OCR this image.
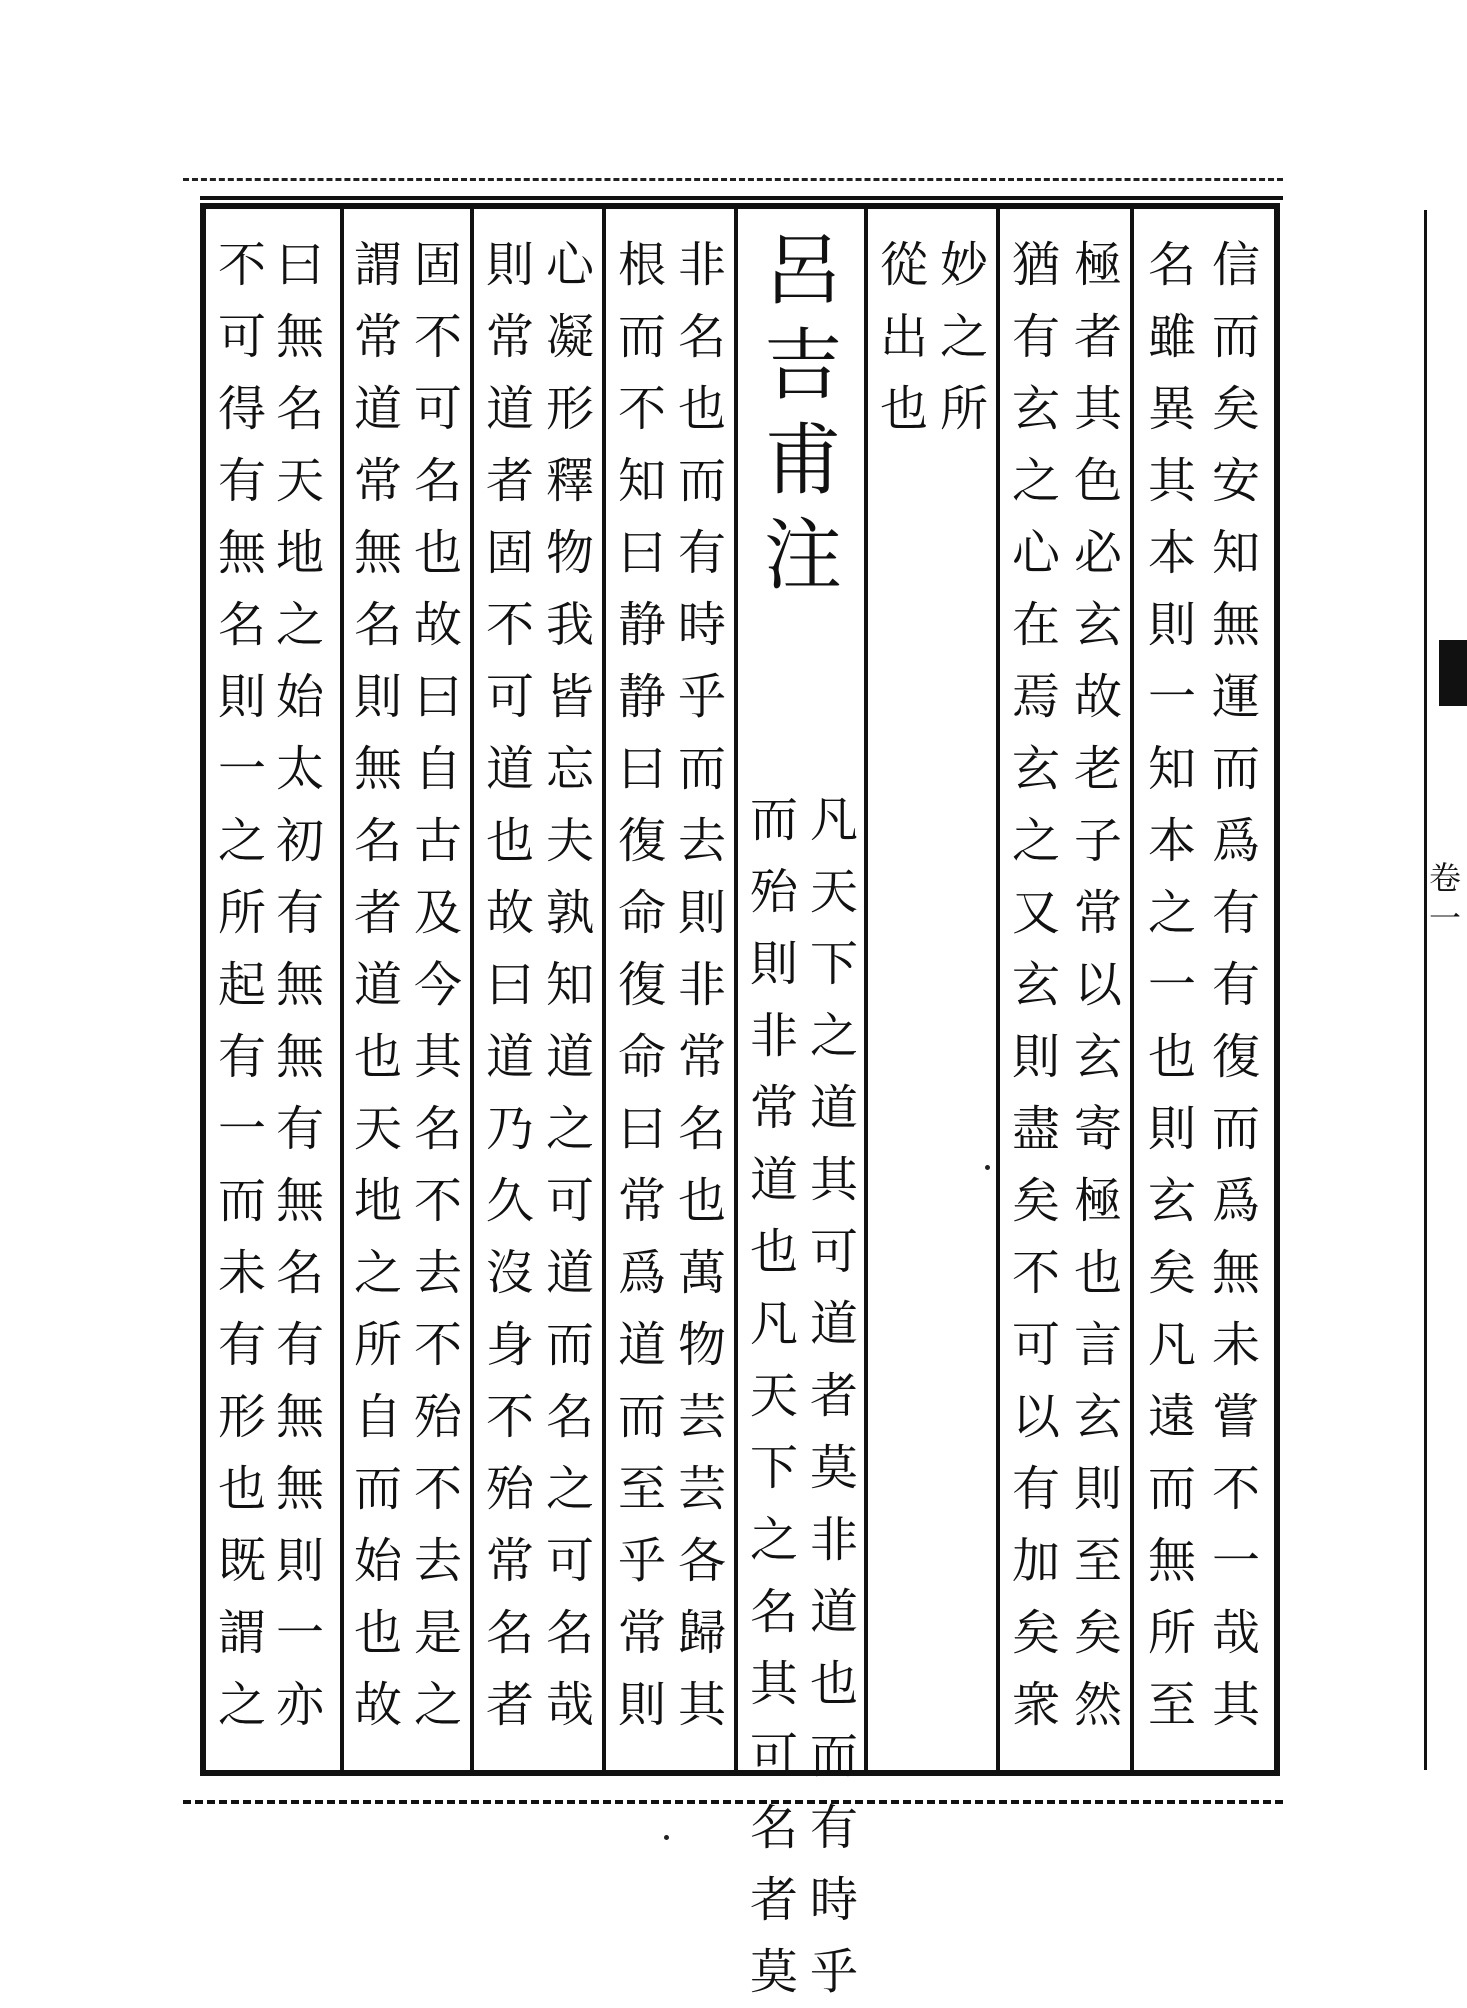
曰
無
名
天
地
之
始
太
初
有
無
無
有
無
名
有
無
無
則
一
亦
不
可
得
有
無
名
則
一
之
所
起
有
一
而
未
有
形
也
既
謂
之
固
不
可
名
也
故
曰
自
古
及
今
其
名
不
去
不
殆
不
去
是
之
謂
常
道
常
無
名
則
無
名
者
道
也
天
地
之
所
自
而
始
也
故
心
凝
形
釋
物
我
皆
忘
夫
孰
知
道
之
可
道
而
名
之
可
名
哉
則
常
道
者
固
不
可
道
也
故
曰
道
乃
久
沒
身
不
殆
常
名
者
非
名
也
而
有
時
乎
而
去
則
非
常
名
也
萬
物
芸
芸
各
歸
其
根
而
不
知
曰
静
静
曰
復
命
復
命
曰
常
爲
道
而
至
乎
常
則
呂
吉
甫
注
凡
天
下
之
道
其
可
道
者
莫
非
道
也
而
有
時
乎
而
殆
則
非
常
道
也
凡
天
下
之
名
其
可
名
者
莫
妙
之
所
從
出
也
極
者
其
色
必
玄
故
老
子
常
以
玄
寄
極
也
言
玄
則
至
矣
然
猶
有
玄
之
心
在
焉
玄
之
又
玄
則
盡
矣
不
可
以
有
加
矣
衆
信
而
矣
安
知
無
運
而
爲
有
有
復
而
爲
無
未
嘗
不
一
哉
其
名
雖
異
其
本
則
一
知
本
之
一
也
則
玄
矣
凡
遠
而
無
所
至
卷
一
